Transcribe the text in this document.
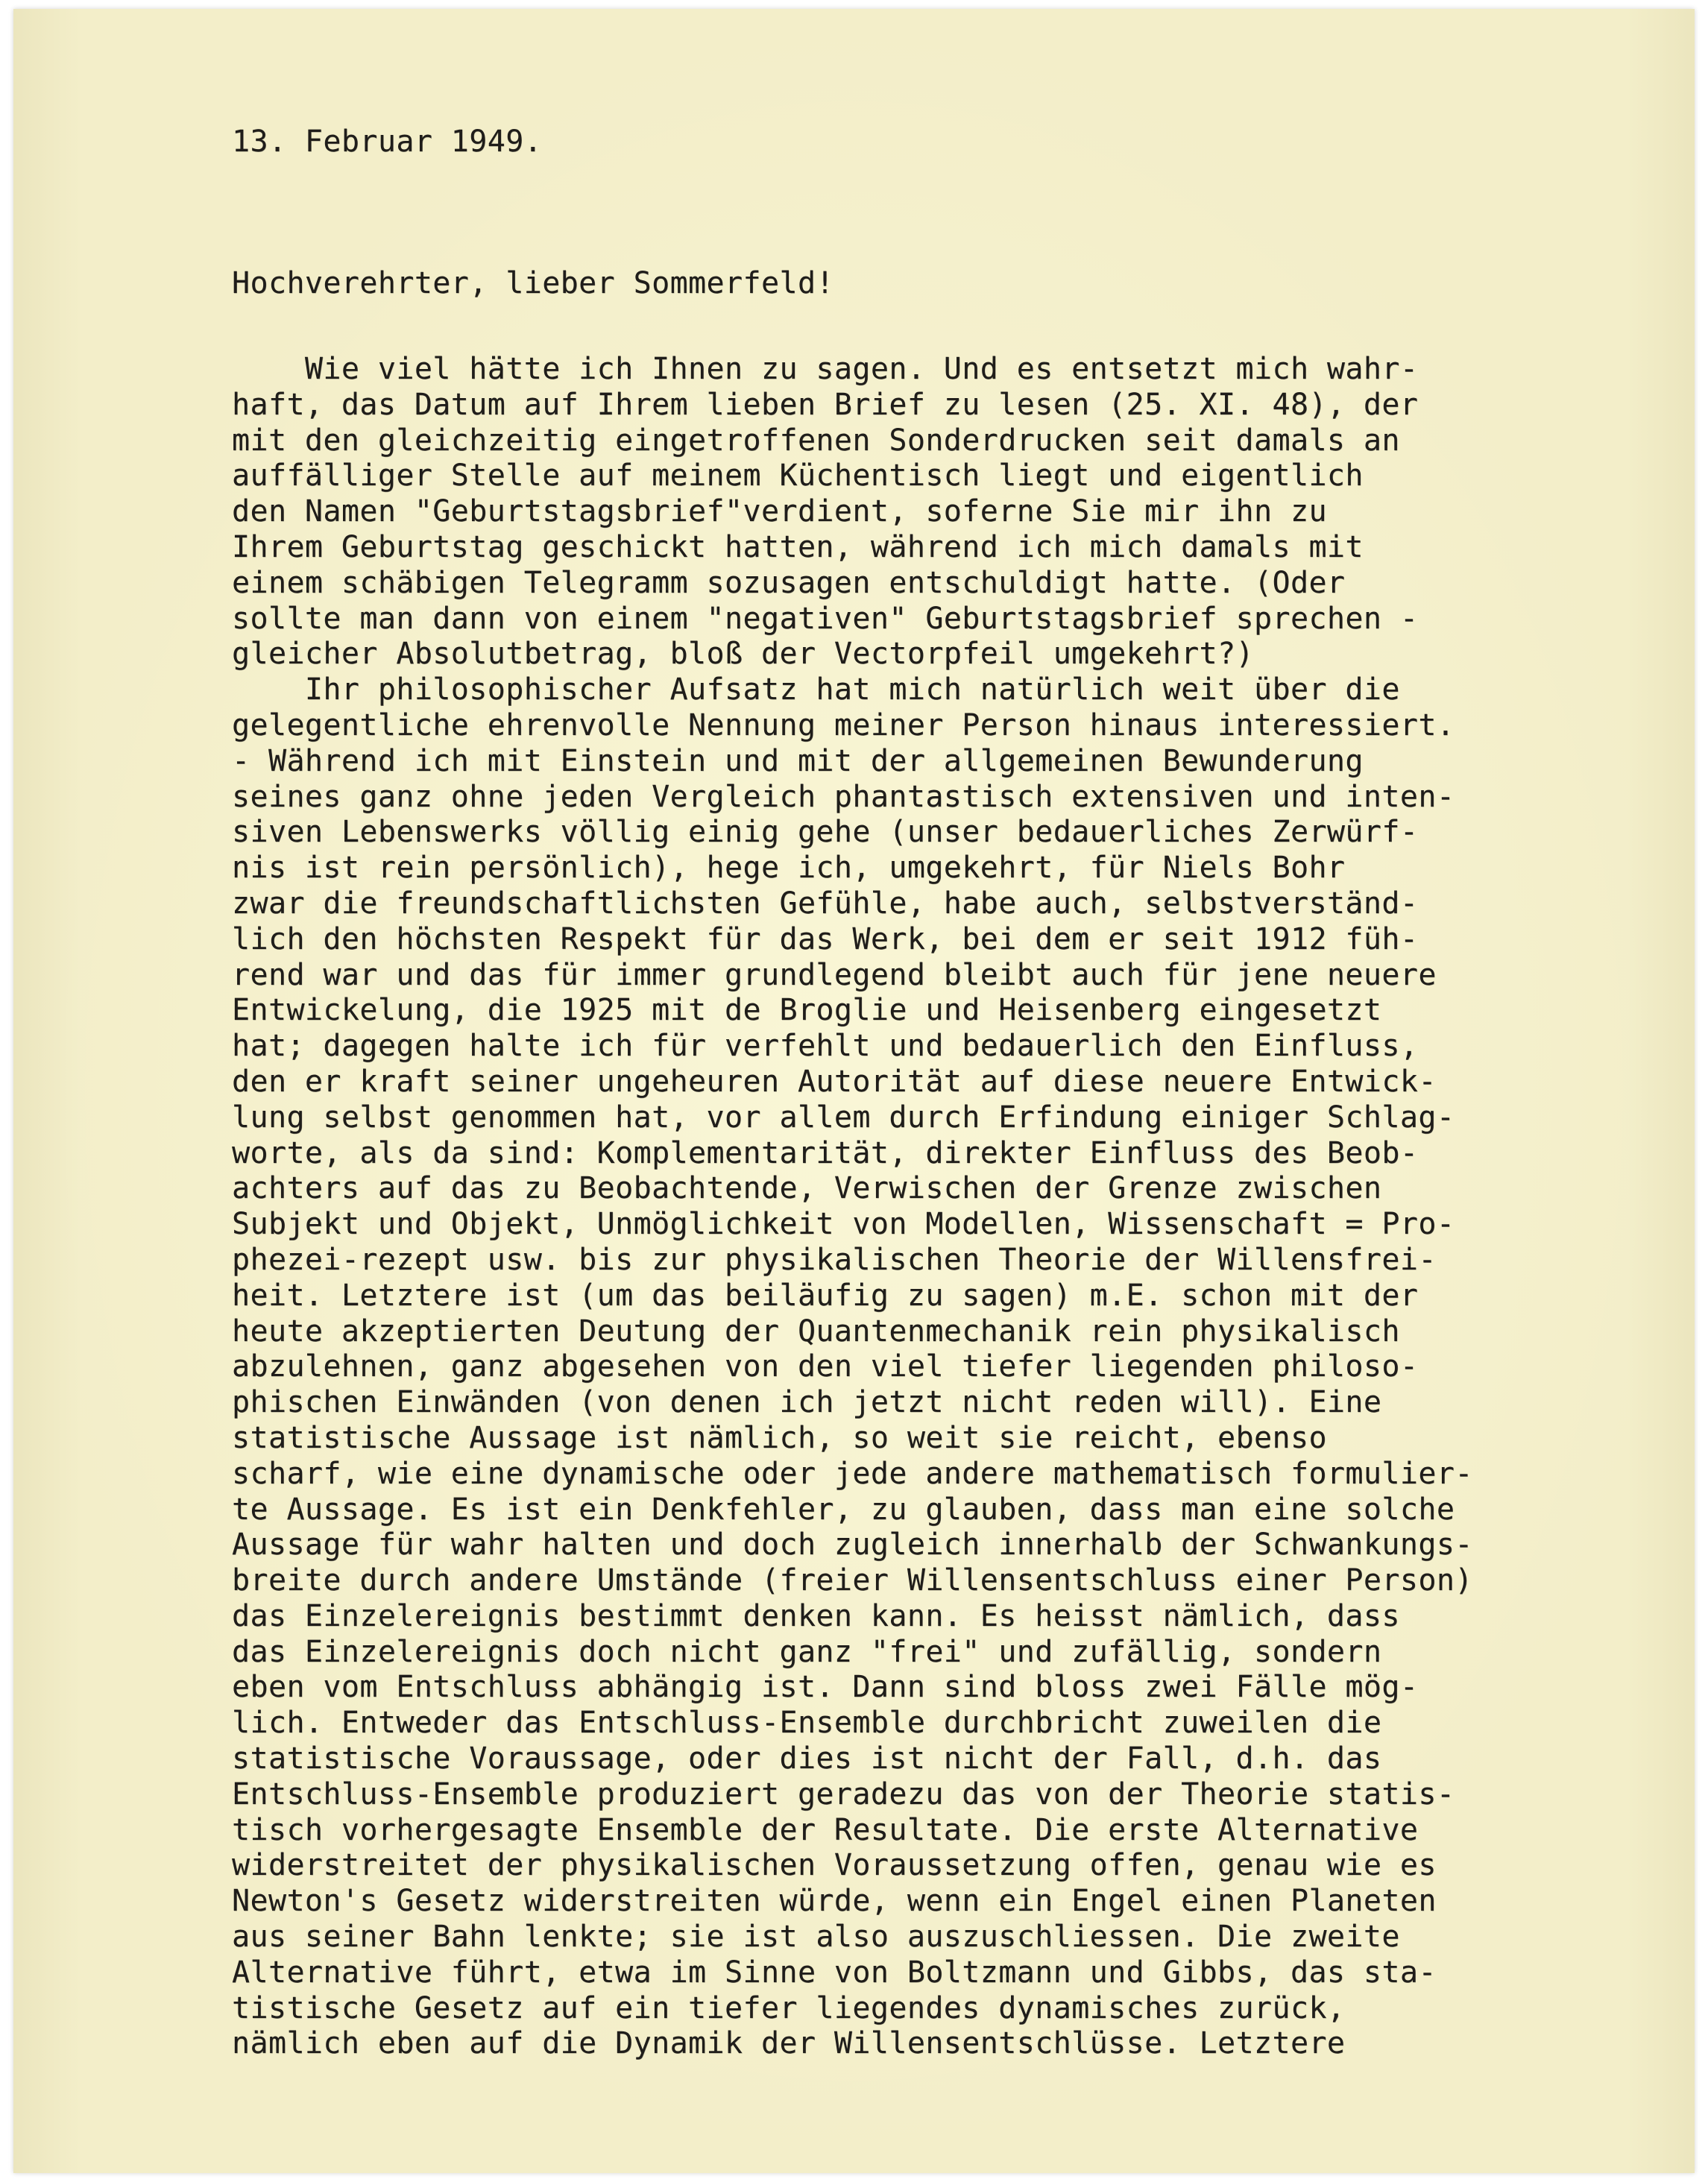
13. Februar 1949.
Hochverehrter, lieber Sommerfeld!
Wie viel hätte ich Ihnen zu sagen. Und es entsetzt mich wahr-
haft, das Datum auf Ihrem lieben Brief zu lesen (25. XI. 48), der
mit den gleichzeitig eingetroffenen Sonderdrucken seit damals an
auffälliger Stelle auf meinem Küchentisch liegt und eigentlich
den Namen "Geburtstagsbrief"verdient, soferne Sie mir ihn zu
Ihrem Geburtstag geschickt hatten, während ich mich damals mit
einem schäbigen Telegramm sozusagen entschuldigt hatte. (Oder
sollte man dann von einem "negativen" Geburtstagsbrief sprechen -
gleicher Absolutbetrag, bloß der Vectorpfeil umgekehrt?)
Ihr philosophischer Aufsatz hat mich natürlich weit über die
gelegentliche ehrenvolle Nennung meiner Person hinaus interessiert.
- Während ich mit Einstein und mit der allgemeinen Bewunderung
seines ganz ohne jeden Vergleich phantastisch extensiven und inten-
siven Lebenswerks völlig einig gehe (unser bedauerliches Zerwürf-
nis ist rein persönlich), hege ich, umgekehrt, für Niels Bohr
zwar die freundschaftlichsten Gefühle, habe auch, selbstverständ-
lich den höchsten Respekt für das Werk, bei dem er seit 1912 füh-
rend war und das für immer grundlegend bleibt auch für jene neuere
Entwickelung, die 1925 mit de Broglie und Heisenberg eingesetzt
hat; dagegen halte ich für verfehlt und bedauerlich den Einfluss,
den er kraft seiner ungeheuren Autorität auf diese neuere Entwick-
lung selbst genommen hat, vor allem durch Erfindung einiger Schlag-
worte, als da sind: Komplementarität, direkter Einfluss des Beob-
achters auf das zu Beobachtende, Verwischen der Grenze zwischen
Subjekt und Objekt, Unmöglichkeit von Modellen, Wissenschaft = Pro-
phezei-rezept usw. bis zur physikalischen Theorie der Willensfrei-
heit. Letztere ist (um das beiläufig zu sagen) m.E. schon mit der
heute akzeptierten Deutung der Quantenmechanik rein physikalisch
abzulehnen, ganz abgesehen von den viel tiefer liegenden philoso-
phischen Einwänden (von denen ich jetzt nicht reden will). Eine
statistische Aussage ist nämlich, so weit sie reicht, ebenso
scharf, wie eine dynamische oder jede andere mathematisch formulier-
te Aussage. Es ist ein Denkfehler, zu glauben, dass man eine solche
Aussage für wahr halten und doch zugleich innerhalb der Schwankungs-
breite durch andere Umstände (freier Willensentschluss einer Person)
das Einzelereignis bestimmt denken kann. Es heisst nämlich, dass
das Einzelereignis doch nicht ganz "frei" und zufällig, sondern
eben vom Entschluss abhängig ist. Dann sind bloss zwei Fälle mög-
lich. Entweder das Entschluss-Ensemble durchbricht zuweilen die
statistische Voraussage, oder dies ist nicht der Fall, d.h. das
Entschluss-Ensemble produziert geradezu das von der Theorie statis-
tisch vorhergesagte Ensemble der Resultate. Die erste Alternative
widerstreitet der physikalischen Voraussetzung offen, genau wie es
Newton's Gesetz widerstreiten würde, wenn ein Engel einen Planeten
aus seiner Bahn lenkte; sie ist also auszuschliessen. Die zweite
Alternative führt, etwa im Sinne von Boltzmann und Gibbs, das sta-
tistische Gesetz auf ein tiefer liegendes dynamisches zurück,
nämlich eben auf die Dynamik der Willensentschlüsse. Letztere
